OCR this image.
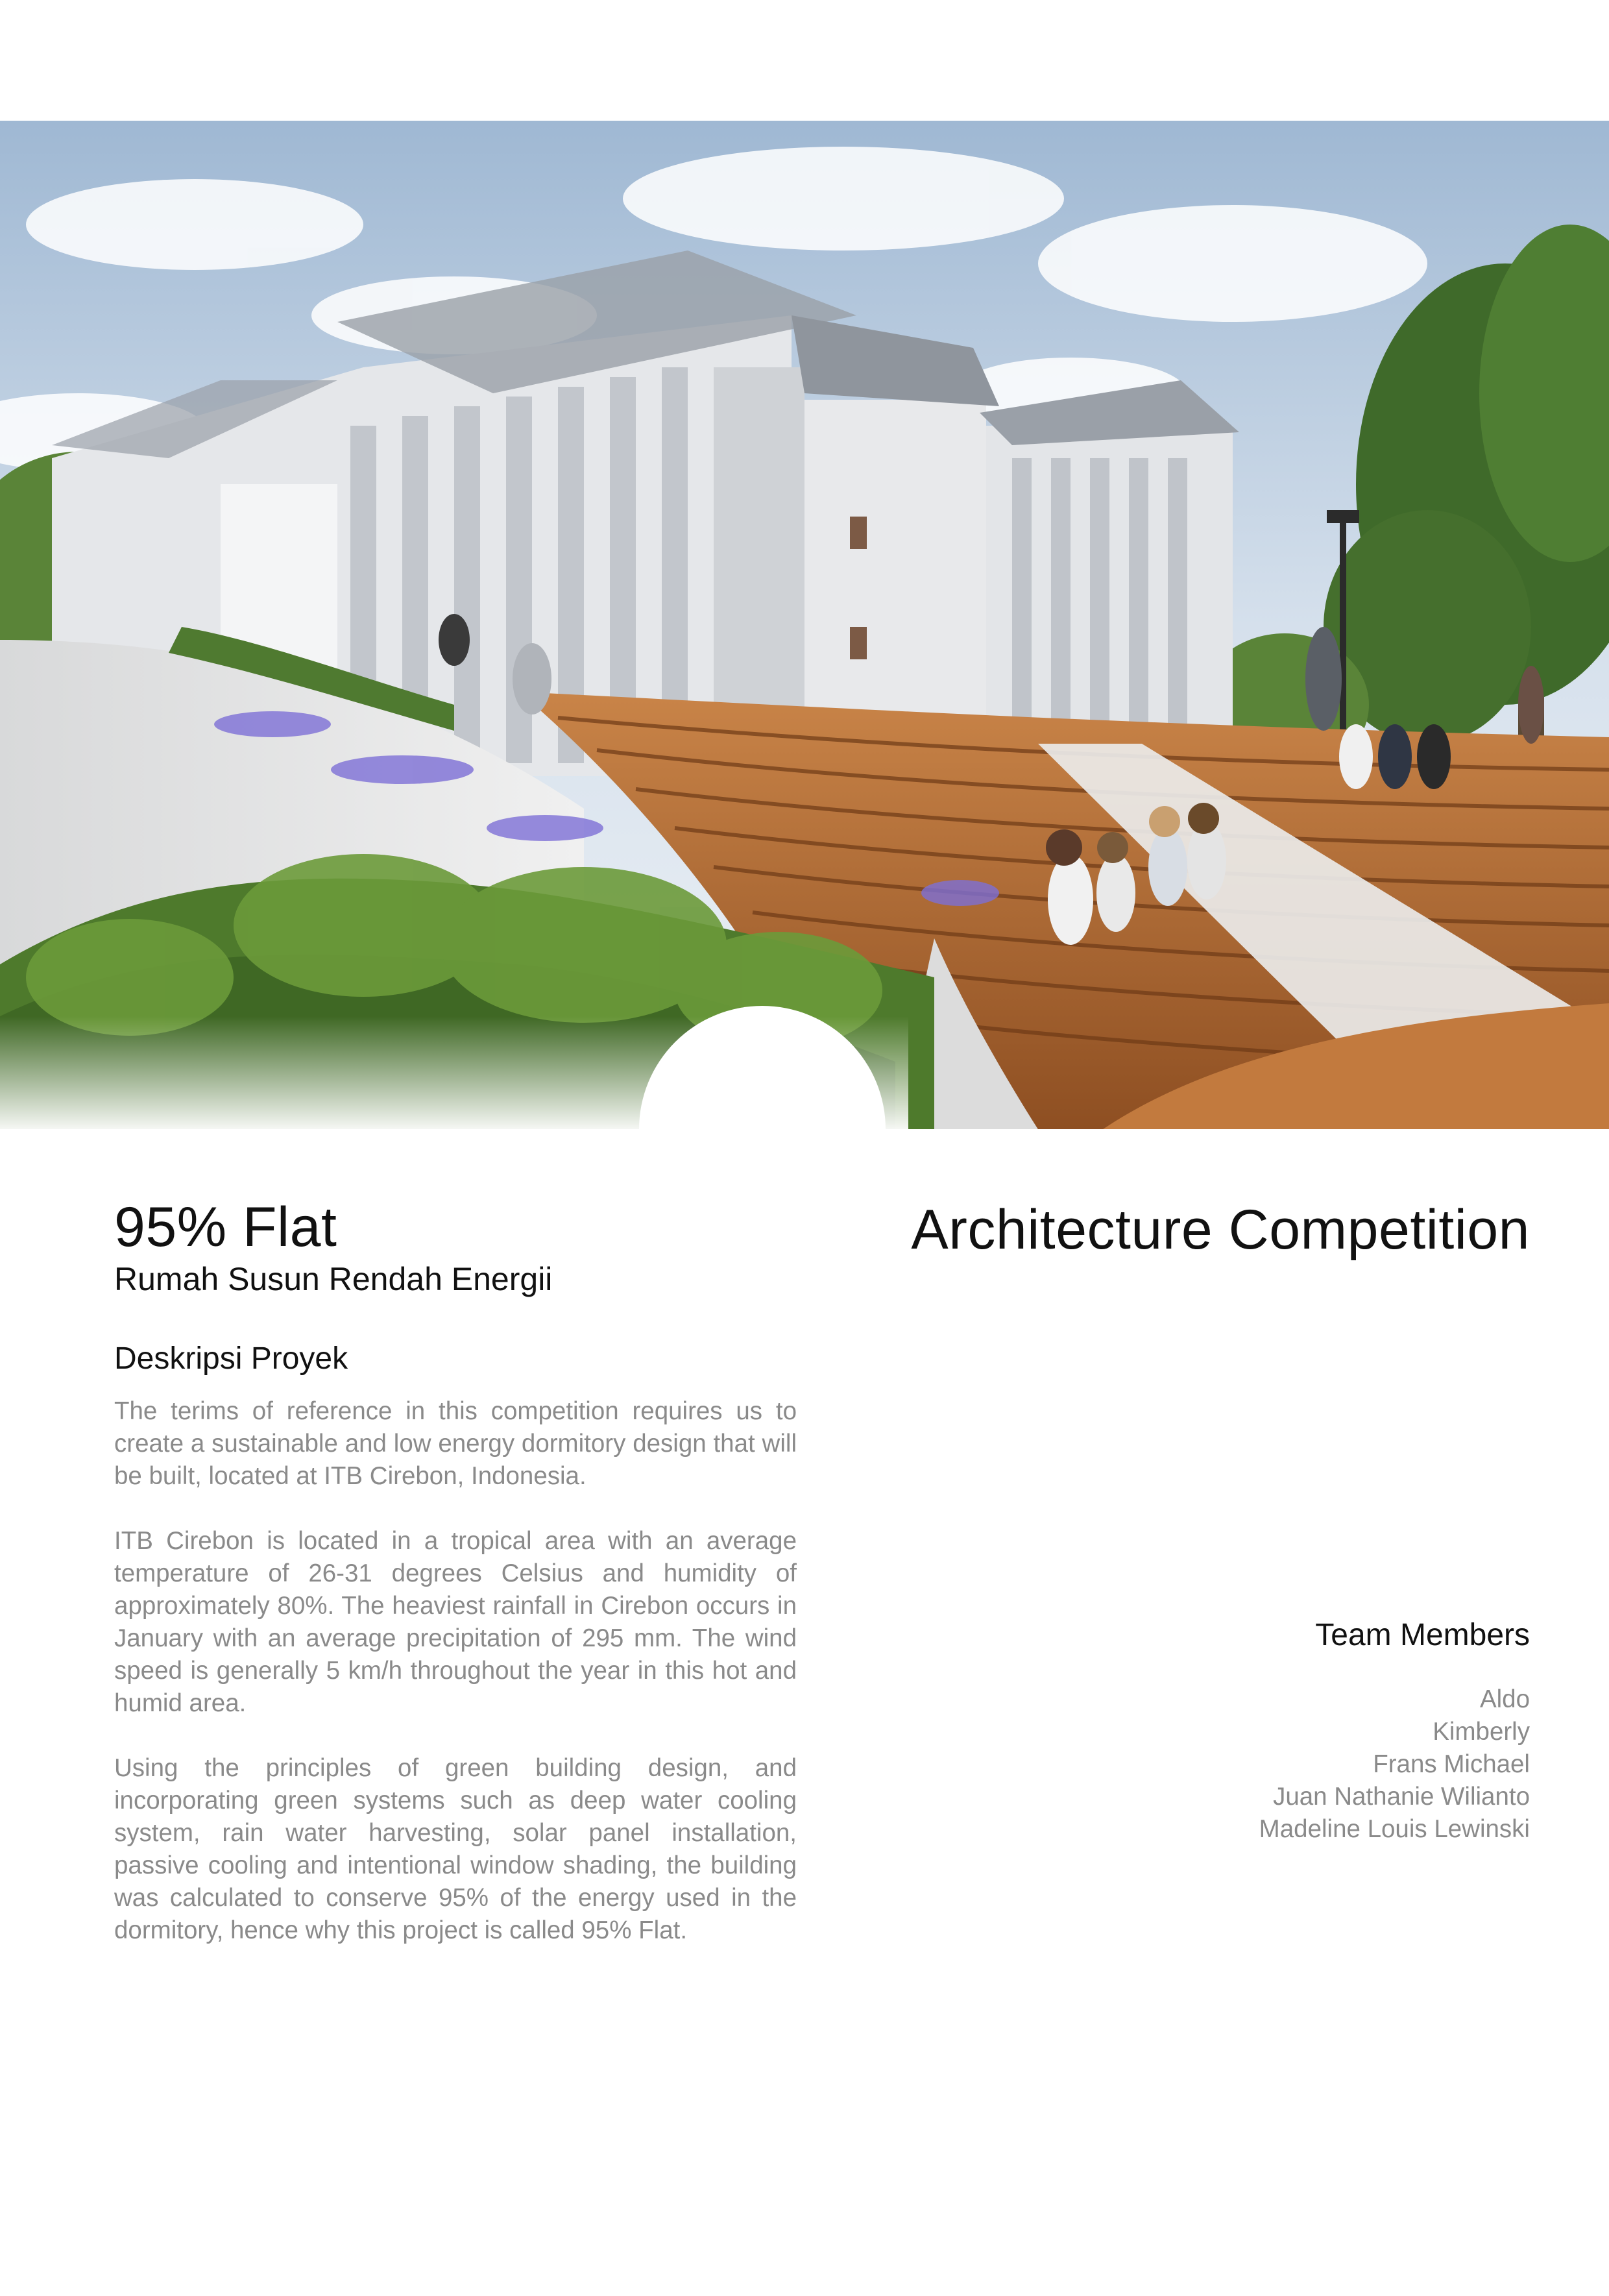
95% Flat
Rumah Susun Rendah Energii
Architecture Competition
Deskripsi Proyek

The terims of reference in this competition requires us to create a sustainable and low energy dormitory design that will be built, located at ITB Cirebon, Indonesia.

ITB Cirebon is located in a tropical area with an average temperature of 26-31 degrees Celsius and humidity of approximately 80%. The heaviest rainfall in Cirebon occurs in January with an average precipitation of 295 mm. The wind speed is generally 5 km/h throughout the year in this hot and humid area.

Using the principles of green building design, and incorporating green systems such as deep water cooling system, rain water harvesting, solar panel installation, passive cooling and intentional window shading, the building was calculated to conserve 95% of the energy used in the dormitory, hence why this project is called 95% Flat.

Team Members
Aldo
Kimberly
Frans Michael
Juan Nathanie Wilianto
Madeline Louis Lewinski
